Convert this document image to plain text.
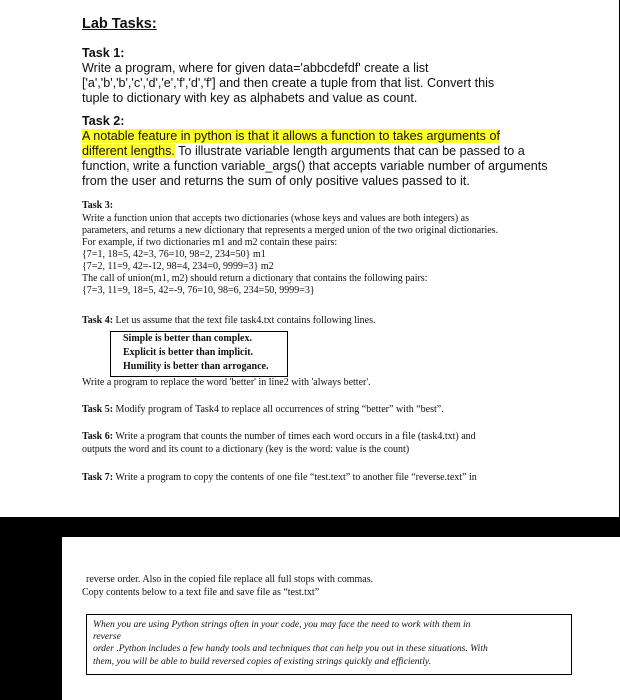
Lab Tasks:
Task 1:
Write a program, where for given data='abbcdefdf' create a list
['a','b','b','c','d','e','f','d','f'] and then create a tuple from that list. Convert this
tuple to dictionary with key as alphabets and value as count.
Task 2:
A notable feature in python is that it allows a function to takes arguments of
different lengths. To illustrate variable length arguments that can be passed to a
function, write a function variable_args() that accepts variable number of arguments
from the user and returns the sum of only positive values passed to it.
Task 3:
Write a function union that accepts two dictionaries (whose keys and values are both integers) as
parameters, and returns a new dictionary that represents a merged union of the two original dictionaries.
For example, if two dictionaries m1 and m2 contain these pairs:
{7=1, 18=5, 42=3, 76=10, 98=2, 234=50} m1
{7=2, 11=9, 42=-12, 98=4, 234=0, 9999=3} m2
The call of union(m1, m2) should return a dictionary that contains the following pairs:
{7=3, 11=9, 18=5, 42=-9, 76=10, 98=6, 234=50, 9999=3}
Task 4: Let us assume that the text file task4.txt contains following lines.
Simple is better than complex.
Explicit is better than implicit.
Humility is better than arrogance.
Write a program to replace the word 'better' in line2 with 'always better'.
Task 5: Modify program of Task4 to replace all occurrences of string “better” with “best”.
Task 6: Write a program that counts the number of times each word occurs in a file (task4.txt) and
outputs the word and its count to a dictionary (key is the word: value is the count)
Task 7: Write a program to copy the contents of one file “test.text” to another file “reverse.text” in
reverse order. Also in the copied file replace all full stops with commas.
Copy contents below to a text file and save file as “test.txt”
When you are using Python strings often in your code, you may face the need to work with them in
reverse
order .Python includes a few handy tools and techniques that can help you out in these situations. With
them, you will be able to build reversed copies of existing strings quickly and efficiently.
